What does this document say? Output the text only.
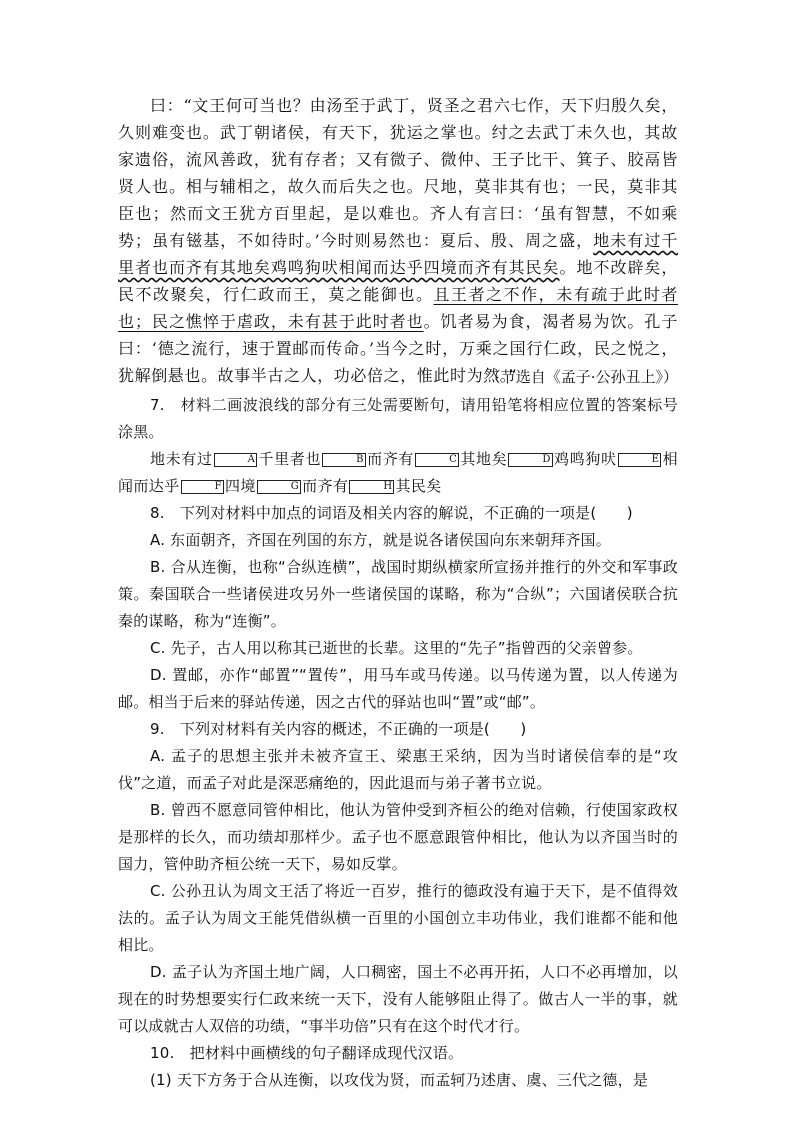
曰：“文王何可当也？由汤至于武丁，贤圣之君六七作，天下归殷久矣，久则难变也。武丁朝诸侯，有天下，犹运之掌也。纣之去武丁未久也，其故家遗俗，流风善政，犹有存者；又有微子、微仲、王子比干、箕子、胶鬲皆贤人也。相与辅相之，故久而后失之也。尺地，莫非其有也；一民，莫非其臣也；然而文王犹方百里起，是以难也。齐人有言曰：‘虽有智慧，不如乘势；虽有镃基，不如待时。’今时则易然也：夏后、殷、周之盛，地未有过千里者也而齐有其地矣鸡鸣狗吠相闻而达乎四境而齐有其民矣。地不改辟矣，民不改聚矣，行仁政而王，莫之能御也。且王者之不作，未有疏于此时者也；民之憔悴于虐政，未有甚于此时者也。饥者易为食，渴者易为饮。孔子曰：‘德之流行，速于置邮而传命。’当今之时，万乘之国行仁政，民之悦之，犹解倒悬也。故事半古之人，功必倍之，惟此时为然。”

（节选自《孟子·公孙丑上》）

7.　材料二画波浪线的部分有三处需要断句，请用铅笔将相应位置的答案标号涂黑。

地未有过	A 千里者也	B 而齐有	C 其地矣	D 鸡鸣狗吠	E 相闻而达乎	F 四境	G 而齐有	H 其民矣

8.　下列对材料中加点的词语及相关内容的解说，不正确的一项是(　　)

A. 东面朝齐，齐国在列国的东方，就是说各诸侯国向东来朝拜齐国。

B. 合从连衡，也称“合纵连横”，战国时期纵横家所宣扬并推行的外交和军事政策。秦国联合一些诸侯进攻另外一些诸侯国的谋略，称为“合纵”；六国诸侯联合抗秦的谋略，称为“连衡”。

C. 先子，古人用以称其已逝世的长辈。这里的“先子”指曾西的父亲曾参。

D. 置邮，亦作“邮置”“置传”，用马车或马传递。以马传递为置，以人传递为邮。相当于后来的驿站传递，因之古代的驿站也叫“置”或“邮”。

9.　下列对材料有关内容的概述，不正确的一项是(　　)

A. 孟子的思想主张并未被齐宣王、梁惠王采纳，因为当时诸侯信奉的是“攻伐”之道，而孟子对此是深恶痛绝的，因此退而与弟子著书立说。

B. 曾西不愿意同管仲相比，他认为管仲受到齐桓公的绝对信赖，行使国家政权是那样的长久，而功绩却那样少。孟子也不愿意跟管仲相比，他认为以齐国当时的国力，管仲助齐桓公统一天下，易如反掌。

C. 公孙丑认为周文王活了将近一百岁，推行的德政没有遍于天下，是不值得效法的。孟子认为周文王能凭借纵横一百里的小国创立丰功伟业，我们谁都不能和他相比。

D. 孟子认为齐国土地广阔，人口稠密，国土不必再开拓，人口不必再增加，以现在的时势想要实行仁政来统一天下，没有人能够阻止得了。做古人一半的事，就可以成就古人双倍的功绩，“事半功倍”只有在这个时代才行。

10.　把材料中画横线的句子翻译成现代汉语。

(1) 天下方务于合从连衡，以攻伐为贤，而孟轲乃述唐、虞、三代之德，是
